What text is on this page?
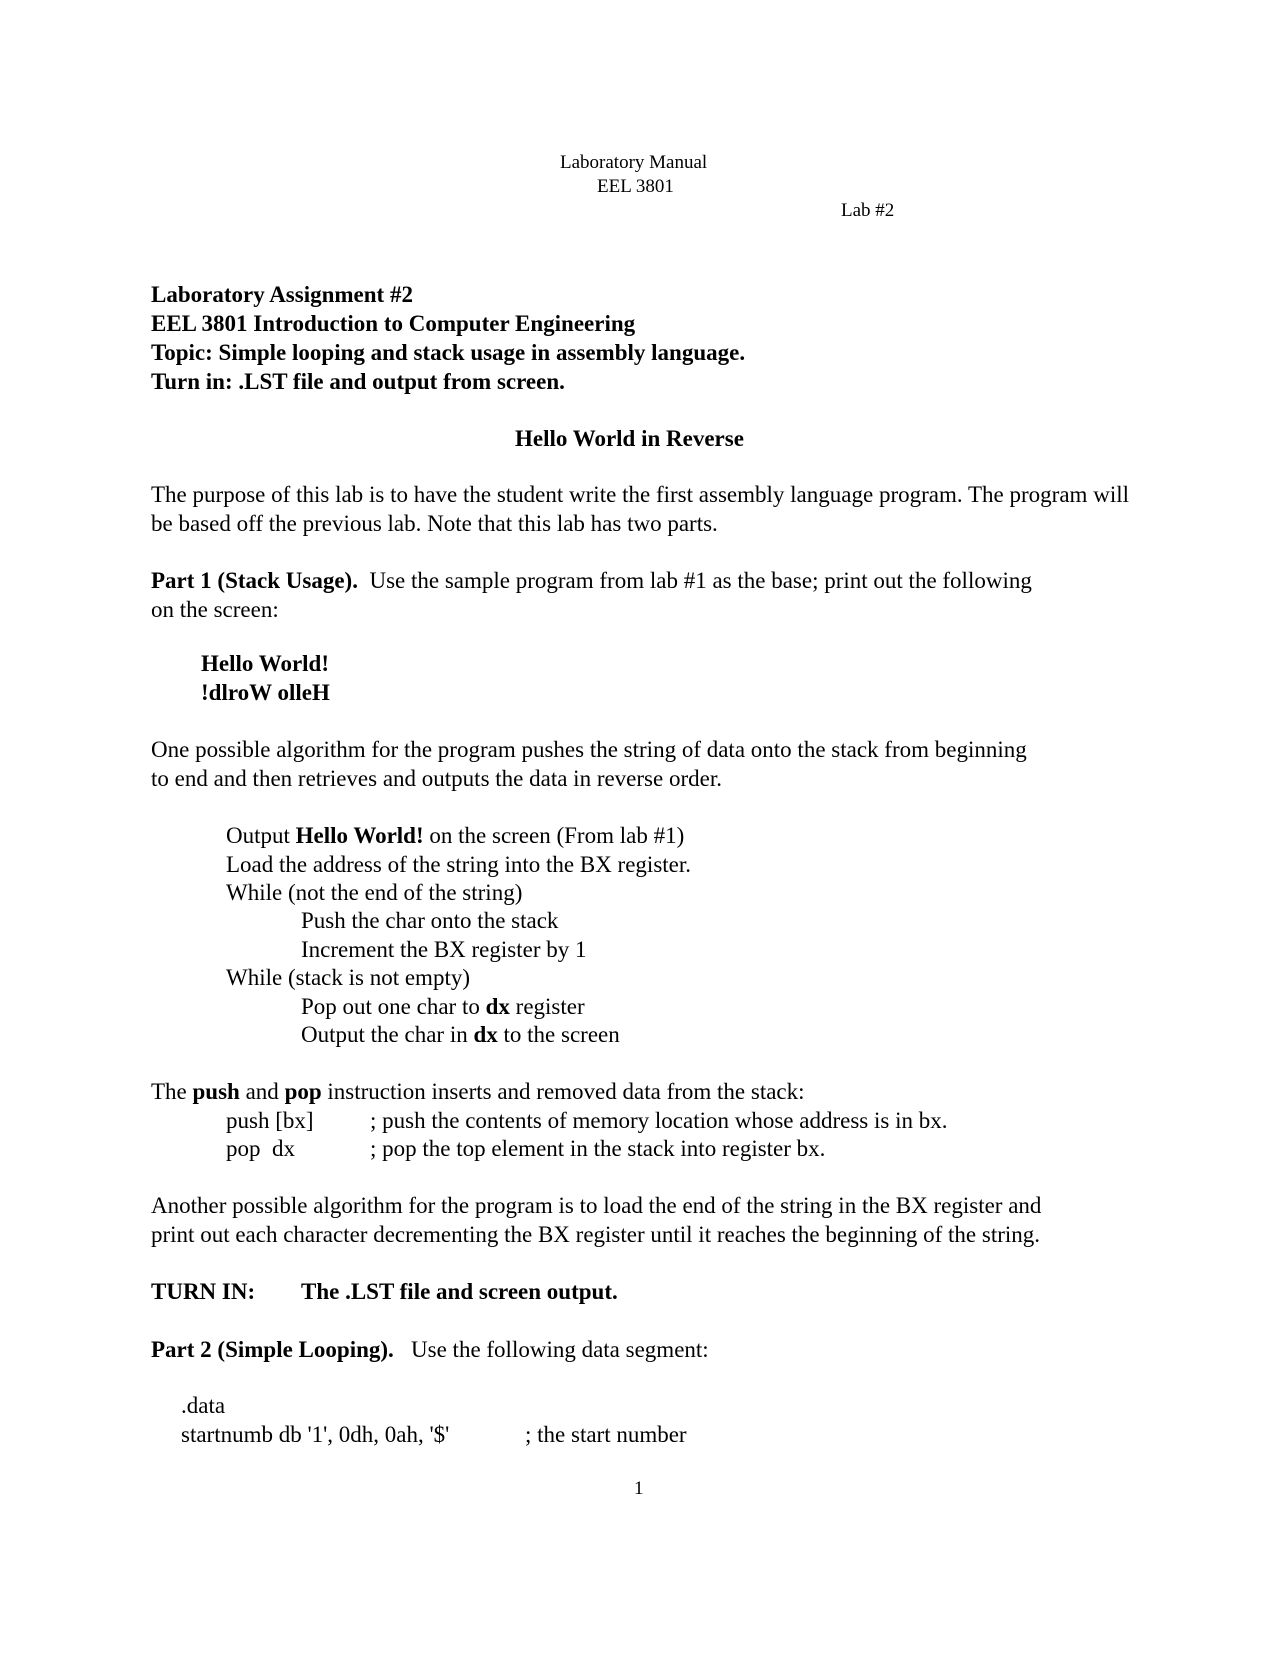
Laboratory Manual
EEL 3801
Lab #2
Laboratory Assignment #2
EEL 3801 Introduction to Computer Engineering
Topic: Simple looping and stack usage in assembly language.
Turn in: .LST file and output from screen.
Hello World in Reverse
The purpose of this lab is to have the student write the first assembly language program. The program will be based off the previous lab. Note that this lab has two parts.
Part 1 (Stack Usage). Use the sample program from lab #1 as the base; print out the following
on the screen:
Hello World!
!dlroW olleH
One possible algorithm for the program pushes the string of data onto the stack from beginning
to end and then retrieves and outputs the data in reverse order.
Output Hello World! on the screen (From lab #1)
Load the address of the string into the BX register.
While (not the end of the string)
Push the char onto the stack
Increment the BX register by 1
While (stack is not empty)
Pop out one char to dx register
Output the char in dx to the screen
The push and pop instruction inserts and removed data from the stack:
push [bx] ; push the contents of memory location whose address is in bx.
pop  dx	; pop the top element in the stack into register bx.
Another possible algorithm for the program is to load the end of the string in the BX register and
print out each character decrementing the BX register until it reaches the beginning of the string.
TURN IN: The .LST file and screen output.
Part 2 (Simple Looping). Use the following data segment:
.data
startnumb db '1', 0dh, 0ah, '$'	; the start number
1
